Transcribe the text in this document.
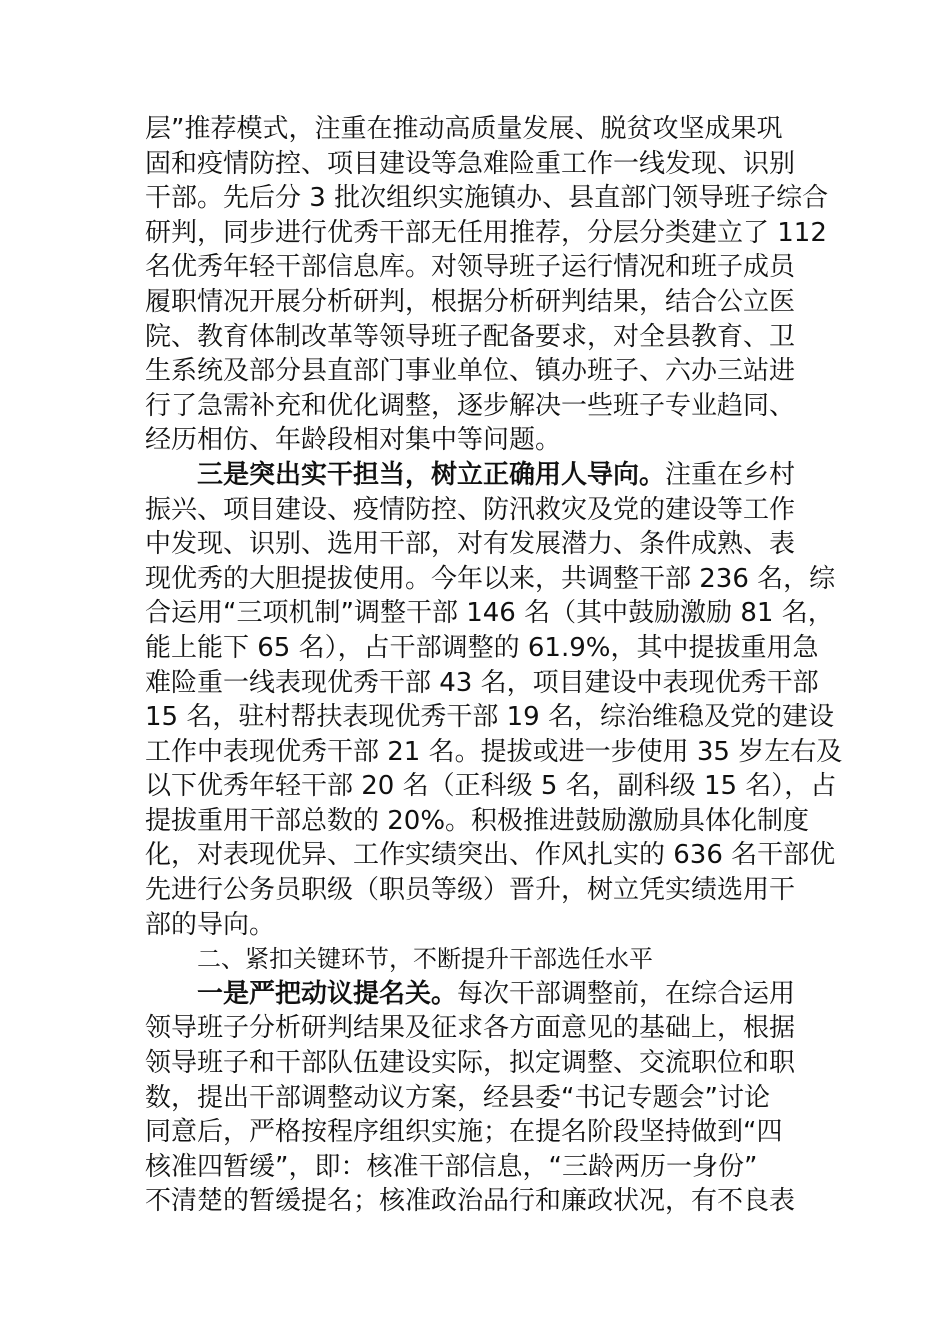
层”推荐模式，注重在推动高质量发展、脱贫攻坚成果巩
固和疫情防控、项目建设等急难险重工作一线发现、识别
干部。先后分 3 批次组织实施镇办、县直部门领导班子综合
研判，同步进行优秀干部无任用推荐，分层分类建立了 112
名优秀年轻干部信息库。对领导班子运行情况和班子成员
履职情况开展分析研判，根据分析研判结果，结合公立医
院、教育体制改革等领导班子配备要求，对全县教育、卫
生系统及部分县直部门事业单位、镇办班子、六办三站进
行了急需补充和优化调整，逐步解决一些班子专业趋同、
经历相仿、年龄段相对集中等问题。
三是突出实干担当，树立正确用人导向。注重在乡村
振兴、项目建设、疫情防控、防汛救灾及党的建设等工作
中发现、识别、选用干部，对有发展潜力、条件成熟、表
现优秀的大胆提拔使用。今年以来，共调整干部 236 名，综
合运用“三项机制”调整干部 146 名（其中鼓励激励 81 名，
能上能下 65 名），占干部调整的 61.9%，其中提拔重用急
难险重一线表现优秀干部 43 名，项目建设中表现优秀干部
15 名，驻村帮扶表现优秀干部 19 名，综治维稳及党的建设
工作中表现优秀干部 21 名。提拔或进一步使用 35 岁左右及
以下优秀年轻干部 20 名（正科级 5 名，副科级 15 名），占
提拔重用干部总数的 20%。积极推进鼓励激励具体化制度
化，对表现优异、工作实绩突出、作风扎实的 636 名干部优
先进行公务员职级（职员等级）晋升，树立凭实绩选用干
部的导向。
二、紧扣关键环节，不断提升干部选任水平
一是严把动议提名关。每次干部调整前，在综合运用
领导班子分析研判结果及征求各方面意见的基础上，根据
领导班子和干部队伍建设实际，拟定调整、交流职位和职
数，提出干部调整动议方案，经县委“书记专题会”讨论
同意后，严格按程序组织实施；在提名阶段坚持做到“四
核准四暂缓”，即：核准干部信息，“三龄两历一身份”
不清楚的暂缓提名；核准政治品行和廉政状况，有不良表
